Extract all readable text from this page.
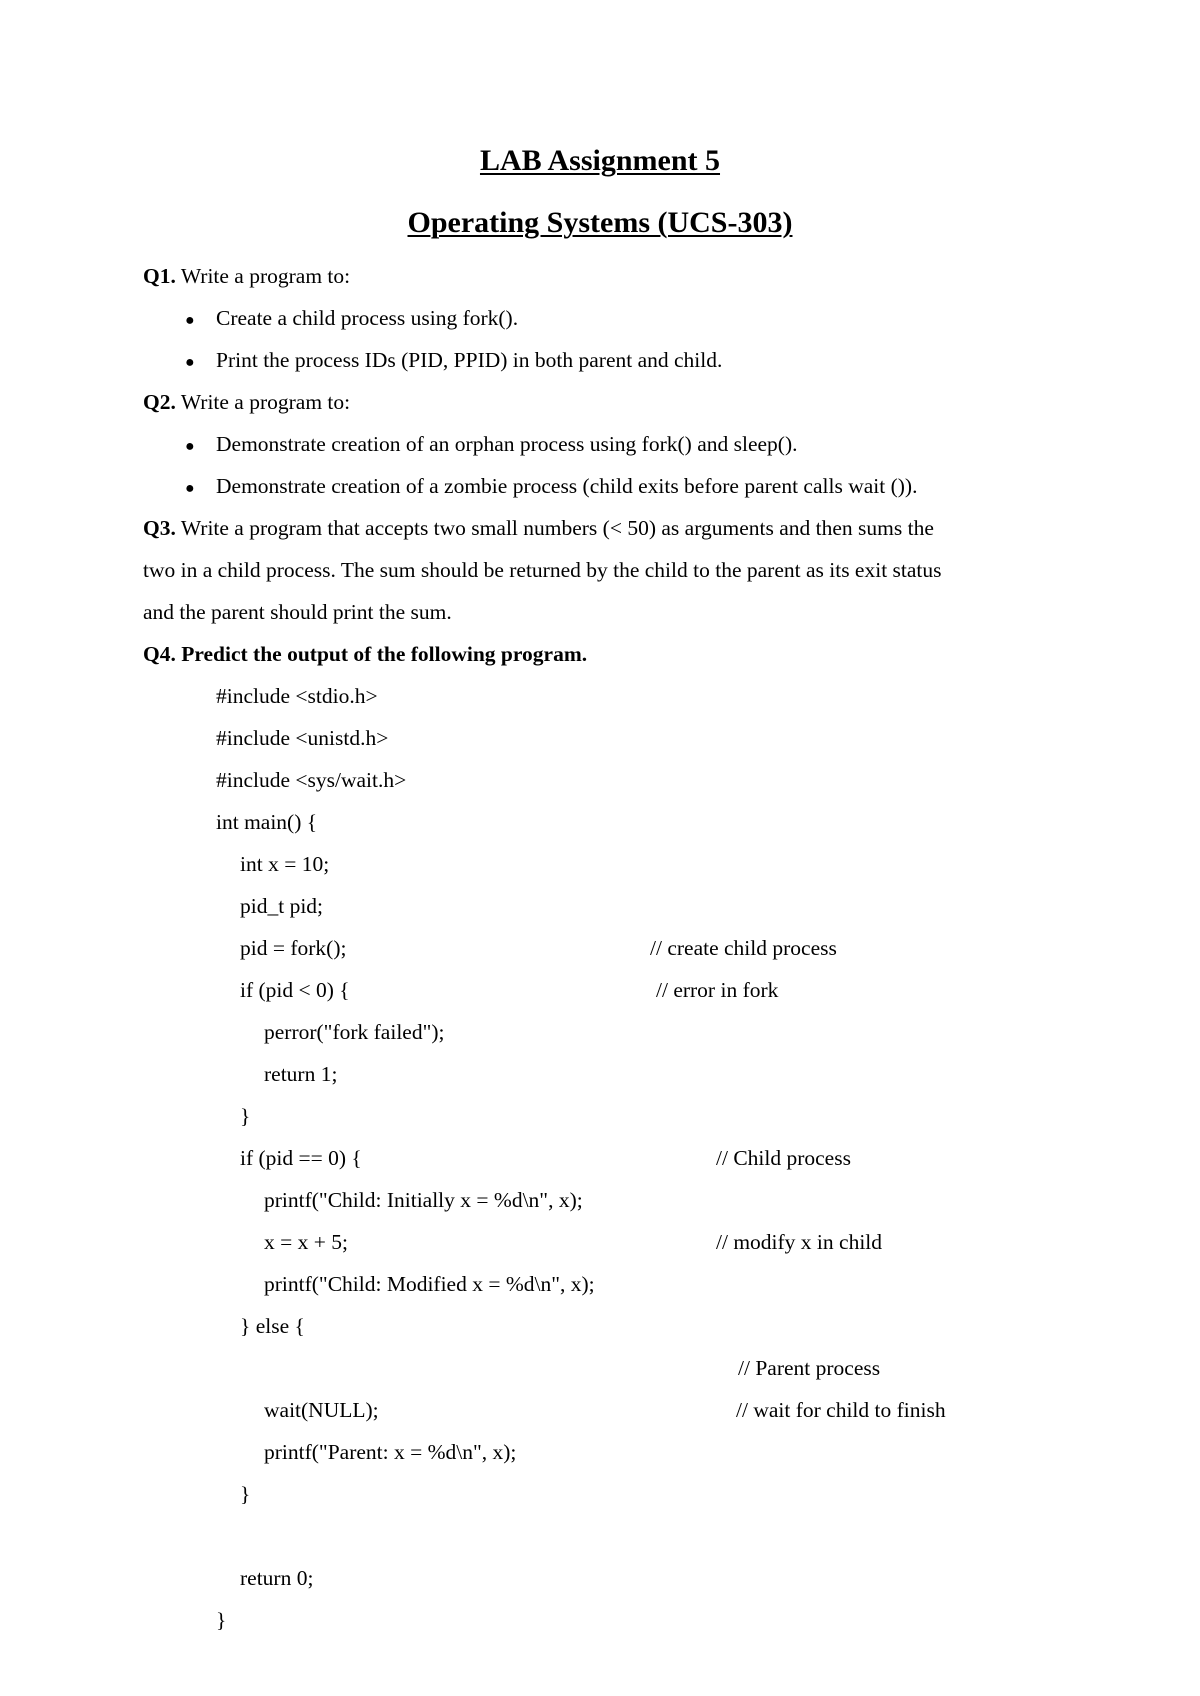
LAB Assignment 5
Operating Systems (UCS-303)
Q1. Write a program to:
● Create a child process using fork().
● Print the process IDs (PID, PPID) in both parent and child.
Q2. Write a program to:
● Demonstrate creation of an orphan process using fork() and sleep().
● Demonstrate creation of a zombie process (child exits before parent calls wait ()).
Q3. Write a program that accepts two small numbers (< 50) as arguments and then sums the
two in a child process. The sum should be returned by the child to the parent as its exit status
and the parent should print the sum.
Q4. Predict the output of the following program.
#include <stdio.h>
#include <unistd.h>
#include <sys/wait.h>
int main() {
int x = 10;
pid_t pid;
pid = fork();
if (pid < 0) {
perror("fork failed");
return 1;
}
if (pid == 0) {
printf("Child: Initially x = %d\n", x);
x = x + 5;
printf("Child: Modified x = %d\n", x);
} else {
wait(NULL);
printf("Parent: x = %d\n", x);
}
return 0;
}
// create child process
// error in fork
// Child process
// modify x in child
// Parent process
// wait for child to finish
